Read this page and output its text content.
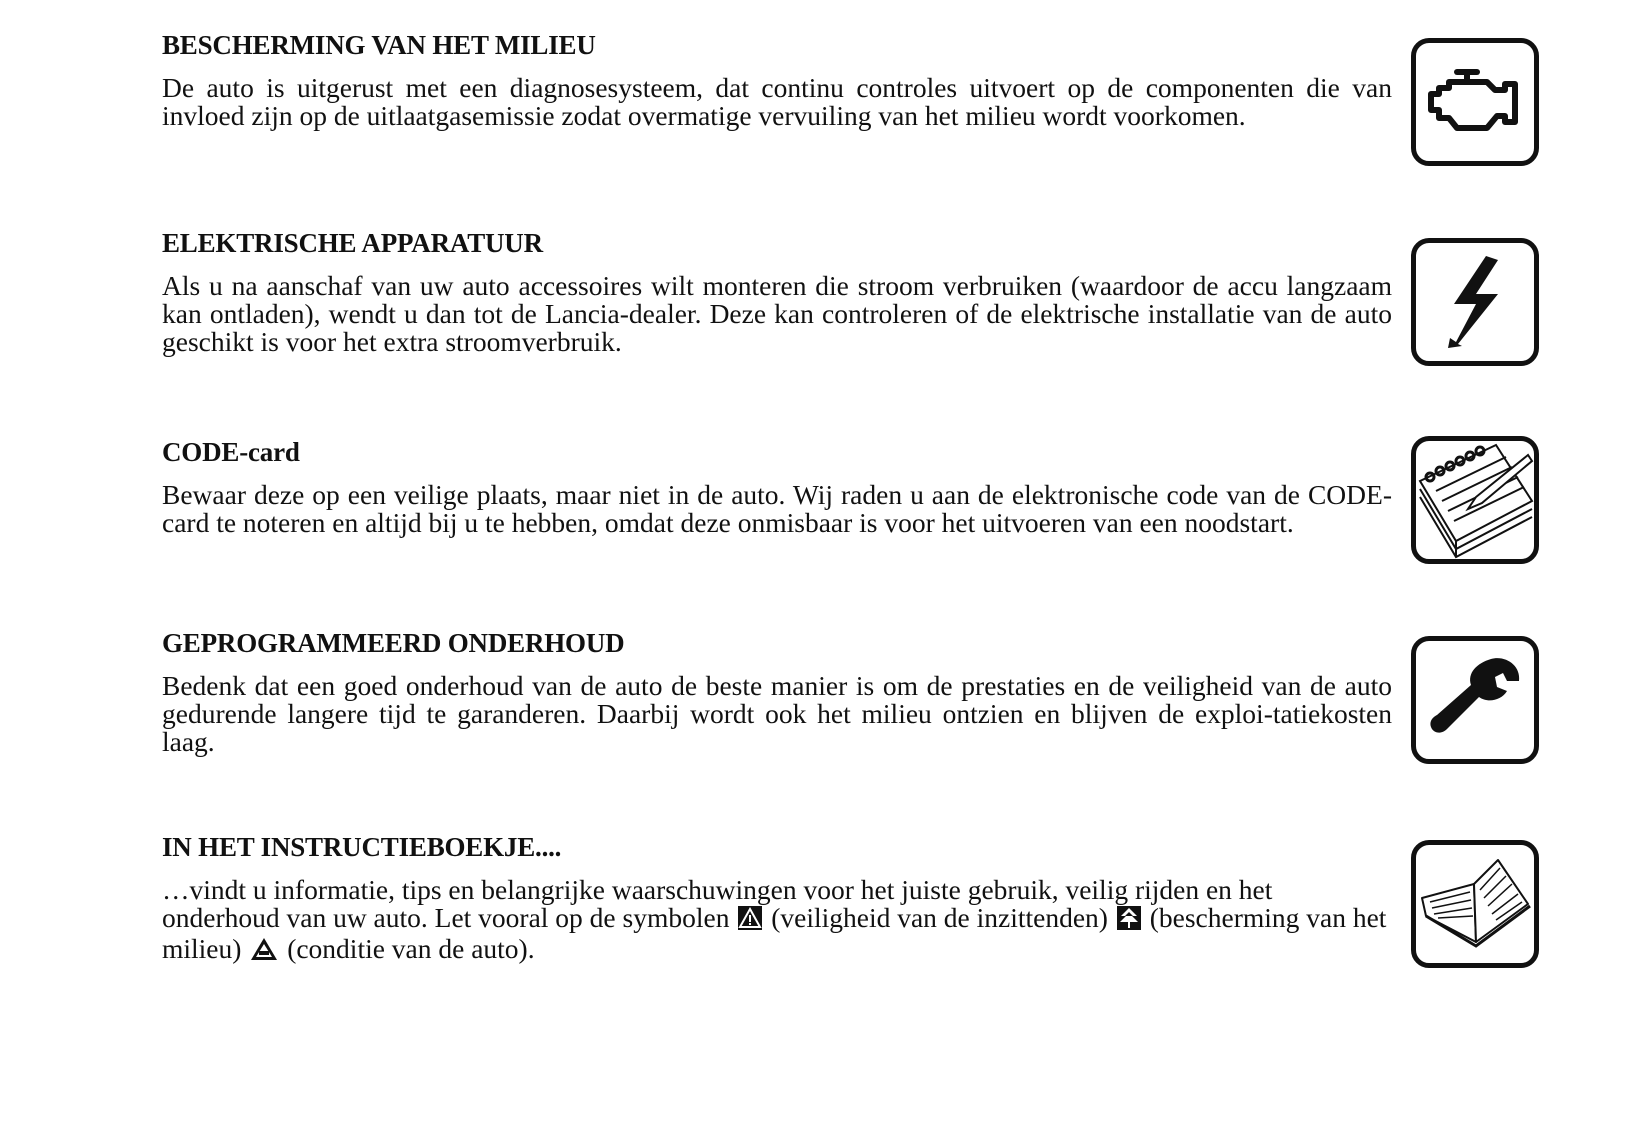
BESCHERMING VAN HET MILIEU

De auto is uitgerust met een diagnosesysteem, dat continu controles uitvoert op de componenten die van invloed zijn op de uitlaatgasemissie zodat overmatige vervuiling van het milieu wordt voorkomen.

ELEKTRISCHE APPARATUUR

Als u na aanschaf van uw auto accessoires wilt monteren die stroom verbruiken (waardoor de accu langzaam kan ontladen), wendt u dan tot de Lancia-dealer. Deze kan controleren of de elektrische installatie van de auto geschikt is voor het extra stroomverbruik.

CODE-card

Bewaar deze op een veilige plaats, maar niet in de auto. Wij raden u aan de elektronische code van de CODE-card te noteren en altijd bij u te hebben, omdat deze onmisbaar is voor het uitvoeren van een noodstart.

GEPROGRAMMEERD ONDERHOUD

Bedenk dat een goed onderhoud van de auto de beste manier is om de prestaties en de veiligheid van de auto gedurende langere tijd te garanderen. Daarbij wordt ook het milieu ontzien en blijven de exploi-tatiekosten laag.

IN HET INSTRUCTIEBOEKJE....

…vindt u informatie, tips en belangrijke waarschuwingen voor het juiste gebruik, veilig rijden en het onderhoud van uw auto. Let vooral op de symbolen (veiligheid van de inzittenden) (bescherming van het milieu) (conditie van de auto).
